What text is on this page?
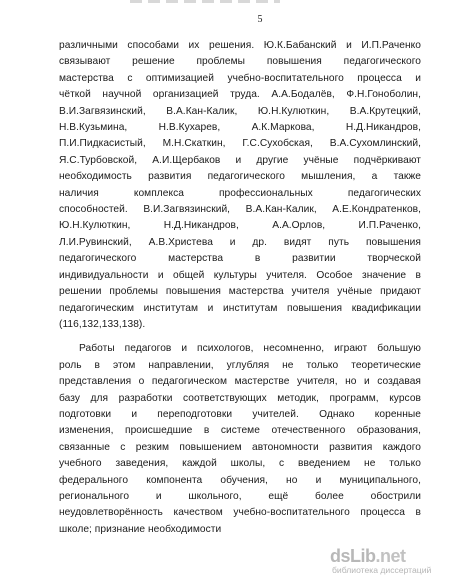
5

различными способами их решения. Ю.К.Бабанский и И.П.Раченко
связывают решение проблемы повышения педагогического
мастерства с оптимизацией учебно-воспитательного процесса и
чёткой научной организацией труда. А.А.Бодалёв, Ф.Н.Гоноболин,
В.И.Загвязинский, В.А.Кан-Калик, Ю.Н.Кулюткин, В.А.Крутецкий,
Н.В.Кузьмина, Н.В.Кухарев, А.К.Маркова, Н.Д.Никандров,
П.И.Пидкасистый, М.Н.Скаткин, Г.С.Сухобская, В.А.Сухомлинский,
Я.С.Турбовской, А.И.Щербаков и другие учёные подчёркивают
необходимость развития педагогического мышления, а также
наличия комплекса профессиональных педагогических
способностей. В.И.Загвязинский, В.А.Кан-Калик, А.Е.Кондратенков,
Ю.Н.Кулюткин, Н.Д.Никандров, А.А.Орлов, И.П.Раченко,
Л.И.Рувинский, А.В.Христева и др. видят путь повышения
педагогического мастерства в развитии творческой
индивидуальности и общей культуры учителя. Особое значение в
решении проблемы повышения мастерства учителя учёные придают
педагогическим институтам и институтам повышения квадификации
(116,132,133,138).

Работы педагогов и психологов, несомненно, играют большую
роль в этом направлении, углубляя не только теоретические
представления о педагогическом мастерстве учителя, но и создавая
базу для разработки соответствующих методик, программ, курсов
подготовки и переподготовки учителей. Однако коренные
изменения, происшедшие в системе отечественного образования,
связанные с резким повышением автономности развития каждого
учебного заведения, каждой школы, с введением не только
федерального компонента обучения, но и муниципального,
регионального и школьного, ещё более обострили
неудовлетворённость качеством учебно-воспитательного процесса в
школе; признание необходимости

dsLib.net
библиотека диссертаций
